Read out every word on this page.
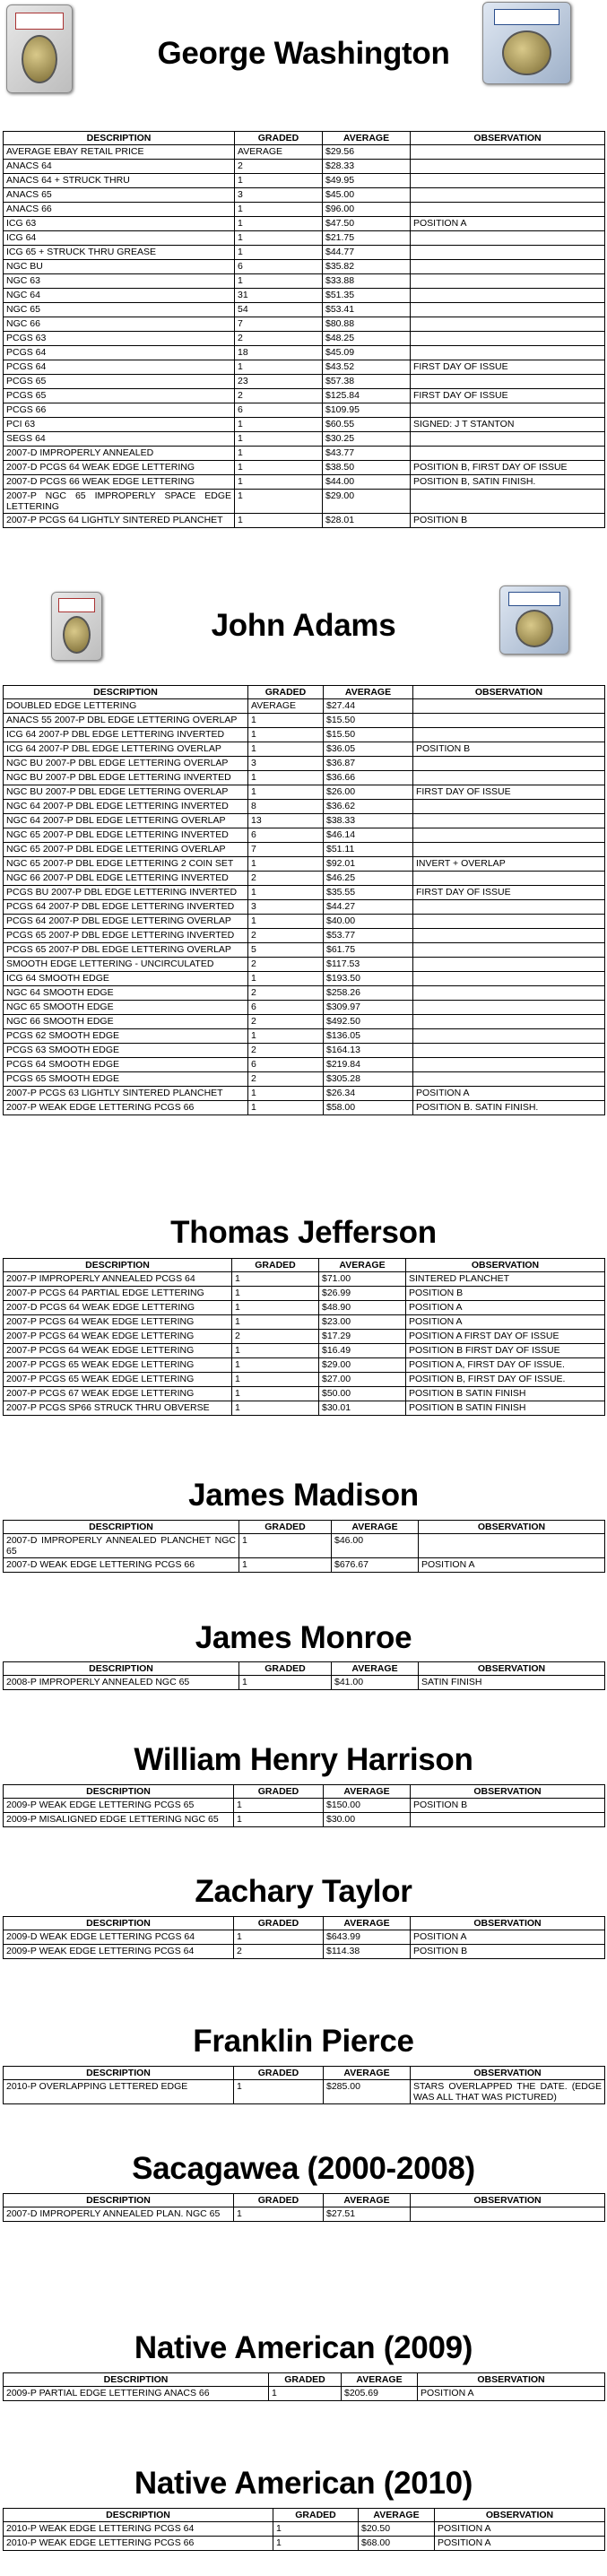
George Washington
DESCRIPTION	GRADED	AVERAGE	OBSERVATION
AVERAGE EBAY RETAIL PRICE	AVERAGE	$29.56	
ANACS 64	2	$28.33	
ANACS 64 + STRUCK THRU	1	$49.95	
ANACS 65	3	$45.00	
ANACS 66	1	$96.00	
ICG 63	1	$47.50	POSITION A
ICG 64	1	$21.75	
ICG 65 + STRUCK THRU GREASE	1	$44.77	
NGC BU	6	$35.82	
NGC 63	1	$33.88	
NGC 64	31	$51.35	
NGC 65	54	$53.41	
NGC 66	7	$80.88	
PCGS 63	2	$48.25	
PCGS 64	18	$45.09	
PCGS 64	1	$43.52	FIRST DAY OF ISSUE
PCGS 65	23	$57.38	
PCGS 65	2	$125.84	FIRST DAY OF ISSUE
PCGS 66	6	$109.95	
PCI 63	1	$60.55	SIGNED: J T STANTON
SEGS 64	1	$30.25	
2007-D IMPROPERLY ANNEALED	1	$43.77	
2007-D PCGS 64 WEAK EDGE LETTERING	1	$38.50	POSITION B, FIRST DAY OF ISSUE
2007-D PCGS 66 WEAK EDGE LETTERING	1	$44.00	POSITION B, SATIN FINISH.
2007-P NGC 65 IMPROPERLY SPACE EDGE LETTERING	1	$29.00	
2007-P PCGS 64 LIGHTLY SINTERED PLANCHET	1	$28.01	POSITION B
John Adams
DESCRIPTION	GRADED	AVERAGE	OBSERVATION
DOUBLED EDGE LETTERING	AVERAGE	$27.44	
ANACS 55 2007-P DBL EDGE LETTERING OVERLAP	1	$15.50	
ICG 64 2007-P DBL EDGE LETTERING INVERTED	1	$15.50	
ICG 64 2007-P DBL EDGE LETTERING OVERLAP	1	$36.05	POSITION B
NGC BU 2007-P DBL EDGE LETTERING OVERLAP	3	$36.87	
NGC BU 2007-P DBL EDGE LETTERING INVERTED	1	$36.66	
NGC BU 2007-P DBL EDGE LETTERING OVERLAP	1	$26.00	FIRST DAY OF ISSUE
NGC 64 2007-P DBL EDGE LETTERING INVERTED	8	$36.62	
NGC 64 2007-P DBL EDGE LETTERING OVERLAP	13	$38.33	
NGC 65 2007-P DBL EDGE LETTERING INVERTED	6	$46.14	
NGC 65 2007-P DBL EDGE LETTERING OVERLAP	7	$51.11	
NGC 65 2007-P DBL EDGE LETTERING 2 COIN SET	1	$92.01	INVERT + OVERLAP
NGC 66 2007-P DBL EDGE LETTERING INVERTED	2	$46.25	
PCGS BU 2007-P DBL EDGE LETTERING INVERTED	1	$35.55	FIRST DAY OF ISSUE
PCGS 64 2007-P DBL EDGE LETTERING INVERTED	3	$44.27	
PCGS 64 2007-P DBL EDGE LETTERING OVERLAP	1	$40.00	
PCGS 65 2007-P DBL EDGE LETTERING INVERTED	2	$53.77	
PCGS 65 2007-P DBL EDGE LETTERING OVERLAP	5	$61.75	
SMOOTH EDGE LETTERING - UNCIRCULATED	2	$117.53	
ICG 64 SMOOTH EDGE	1	$193.50	
NGC 64 SMOOTH EDGE	2	$258.26	
NGC 65 SMOOTH EDGE	6	$309.97	
NGC 66 SMOOTH EDGE	2	$492.50	
PCGS 62 SMOOTH EDGE	1	$136.05	
PCGS 63 SMOOTH EDGE	2	$164.13	
PCGS 64 SMOOTH EDGE	6	$219.84	
PCGS 65 SMOOTH EDGE	2	$305.28	
2007-P PCGS 63 LIGHTLY SINTERED PLANCHET	1	$26.34	POSITION A
2007-P WEAK EDGE LETTERING PCGS 66	1	$58.00	POSITION B. SATIN FINISH.
Thomas Jefferson
DESCRIPTION	GRADED	AVERAGE	OBSERVATION
2007-P IMPROPERLY ANNEALED PCGS 64	1	$71.00	SINTERED PLANCHET
2007-P PCGS 64 PARTIAL EDGE LETTERING	1	$26.99	POSITION B
2007-D PCGS 64 WEAK EDGE LETTERING	1	$48.90	POSITION A
2007-P PCGS 64 WEAK EDGE LETTERING	1	$23.00	POSITION A
2007-P PCGS 64 WEAK EDGE LETTERING	2	$17.29	POSITION A FIRST DAY OF ISSUE
2007-P PCGS 64 WEAK EDGE LETTERING	1	$16.49	POSITION B FIRST DAY OF ISSUE
2007-P PCGS 65 WEAK EDGE LETTERING	1	$29.00	POSITION A, FIRST DAY OF ISSUE.
2007-P PCGS 65 WEAK EDGE LETTERING	1	$27.00	POSITION B, FIRST DAY OF ISSUE.
2007-P PCGS 67 WEAK EDGE LETTERING	1	$50.00	POSITION B SATIN FINISH
2007-P PCGS SP66 STRUCK THRU OBVERSE	1	$30.01	POSITION B SATIN FINISH
James Madison
DESCRIPTION	GRADED	AVERAGE	OBSERVATION
2007-D IMPROPERLY ANNEALED PLANCHET NGC 65	1	$46.00	
2007-D WEAK EDGE LETTERING PCGS 66	1	$676.67	POSITION A
James Monroe
DESCRIPTION	GRADED	AVERAGE	OBSERVATION
2008-P IMPROPERLY ANNEALED NGC 65	1	$41.00	SATIN FINISH
William Henry Harrison
DESCRIPTION	GRADED	AVERAGE	OBSERVATION
2009-P WEAK EDGE LETTERING PCGS 65	1	$150.00	POSITION B
2009-P MISALIGNED EDGE LETTERING NGC 65	1	$30.00	
Zachary Taylor
DESCRIPTION	GRADED	AVERAGE	OBSERVATION
2009-D WEAK EDGE LETTERING PCGS 64	1	$643.99	POSITION A
2009-P WEAK EDGE LETTERING PCGS 64	2	$114.38	POSITION B
Franklin Pierce
DESCRIPTION	GRADED	AVERAGE	OBSERVATION
2010-P OVERLAPPING LETTERED EDGE	1	$285.00	STARS OVERLAPPED THE DATE. (EDGE WAS ALL THAT WAS PICTURED)
Sacagawea (2000-2008)
DESCRIPTION	GRADED	AVERAGE	OBSERVATION
2007-D IMPROPERLY ANNEALED PLAN. NGC 65	1	$27.51	
Native American (2009)
DESCRIPTION	GRADED	AVERAGE	OBSERVATION
2009-P PARTIAL EDGE LETTERING ANACS 66	1	$205.69	POSITION A
Native American (2010)
DESCRIPTION	GRADED	AVERAGE	OBSERVATION
2010-P WEAK EDGE LETTERING PCGS 64	1	$20.50	POSITION A
2010-P WEAK EDGE LETTERING PCGS 66	1	$68.00	POSITION A
